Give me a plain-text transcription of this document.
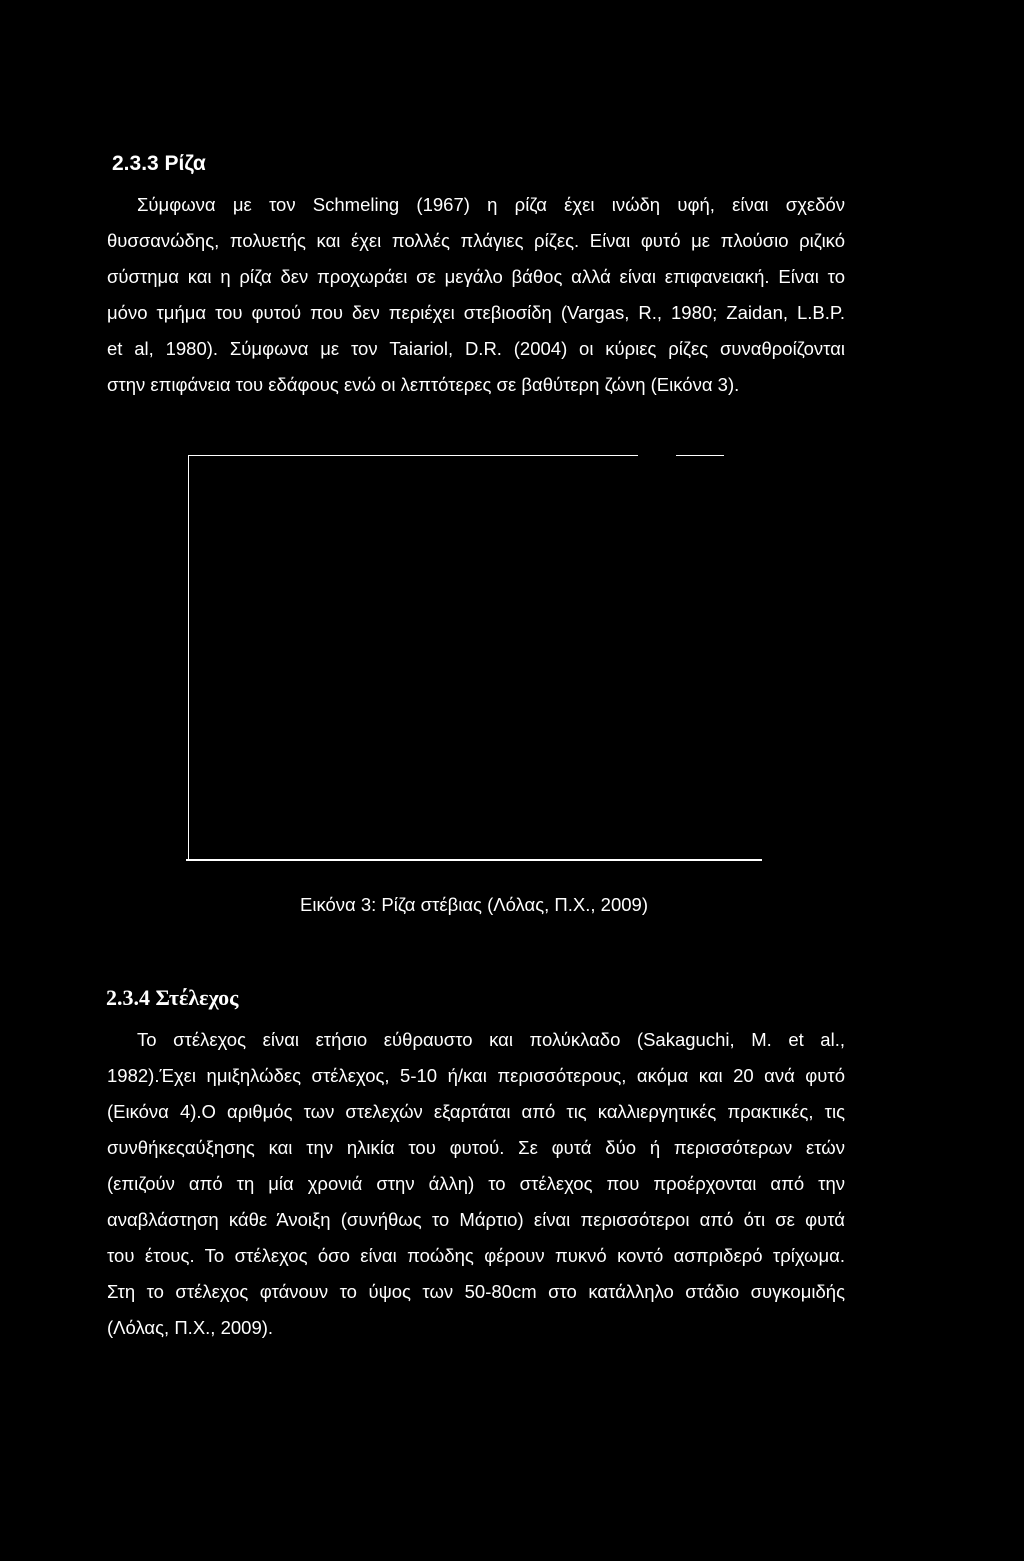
2.3.3 Ρίζα
Σύμφωνα με τον Schmeling (1967) η ρίζα έχει ινώδη υφή, είναι σχεδόν
θυσσανώδης, πολυετής και έχει πολλές πλάγιες ρίζες. Είναι φυτό με πλούσιο ριζικό
σύστημα και η ρίζα δεν προχωράει σε μεγάλο βάθος αλλά είναι επιφανειακή. Είναι το
μόνο τμήμα του φυτού που δεν περιέχει στεβιοσίδη (Vargas, R., 1980; Zaidan, L.B.P.
et al, 1980). Σύμφωνα με τον Taiariol, D.R. (2004) οι κύριες ρίζες συναθροίζονται
στην επιφάνεια του εδάφους ενώ οι λεπτότερες σε βαθύτερη ζώνη (Εικόνα 3).
Εικόνα 3: Ρίζα στέβιας (Λόλας, Π.Χ., 2009)
2.3.4 Στέλεχος
Το στέλεχος είναι ετήσιο εύθραυστο και πολύκλαδο (Sakaguchi, M. et al.,
1982).Έχει ημιξηλώδες στέλεχος, 5-10 ή/και περισσότερους, ακόμα και 20 ανά φυτό
(Εικόνα 4).Ο αριθμός των στελεχών εξαρτάται από τις καλλιεργητικές πρακτικές, τις
συνθήκεςαύξησης και την ηλικία του φυτού. Σε φυτά δύο ή περισσότερων ετών
(επιζούν από τη μία χρονιά στην άλλη) το στέλεχος που προέρχονται από την
αναβλάστηση κάθε Άνοιξη (συνήθως το Μάρτιο) είναι περισσότεροι από ότι σε φυτά
του έτους. Το στέλεχος όσο είναι ποώδης φέρουν πυκνό κοντό ασπριδερό τρίχωμα.
Στη το στέλεχος φτάνουν το ύψος των 50-80cm στο κατάλληλο στάδιο συγκομιδής
(Λόλας, Π.Χ., 2009).
